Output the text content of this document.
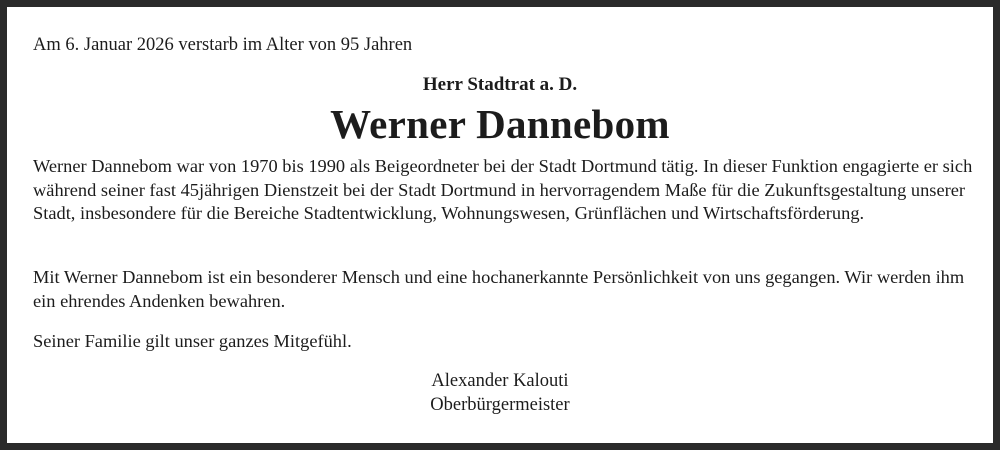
Am 6. Januar 2026 verstarb im Alter von 95 Jahren

Herr Stadtrat a. D.

Werner Dannebom

Werner Dannebom war von 1970 bis 1990 als Beigeordneter bei der Stadt Dortmund tätig. In dieser Funktion engagierte er sich während seiner fast 45jährigen Dienstzeit bei der Stadt Dortmund in hervorragendem Maße für die Zukunftsgestaltung unserer Stadt, insbesondere für die Bereiche Stadtentwicklung, Wohnungswesen, Grünflächen und Wirtschaftsförderung.

Mit Werner Dannebom ist ein besonderer Mensch und eine hochanerkannte Persönlichkeit von uns gegangen. Wir werden ihm ein ehrendes Andenken bewahren.

Seiner Familie gilt unser ganzes Mitgefühl.

Alexander Kalouti
Oberbürgermeister
